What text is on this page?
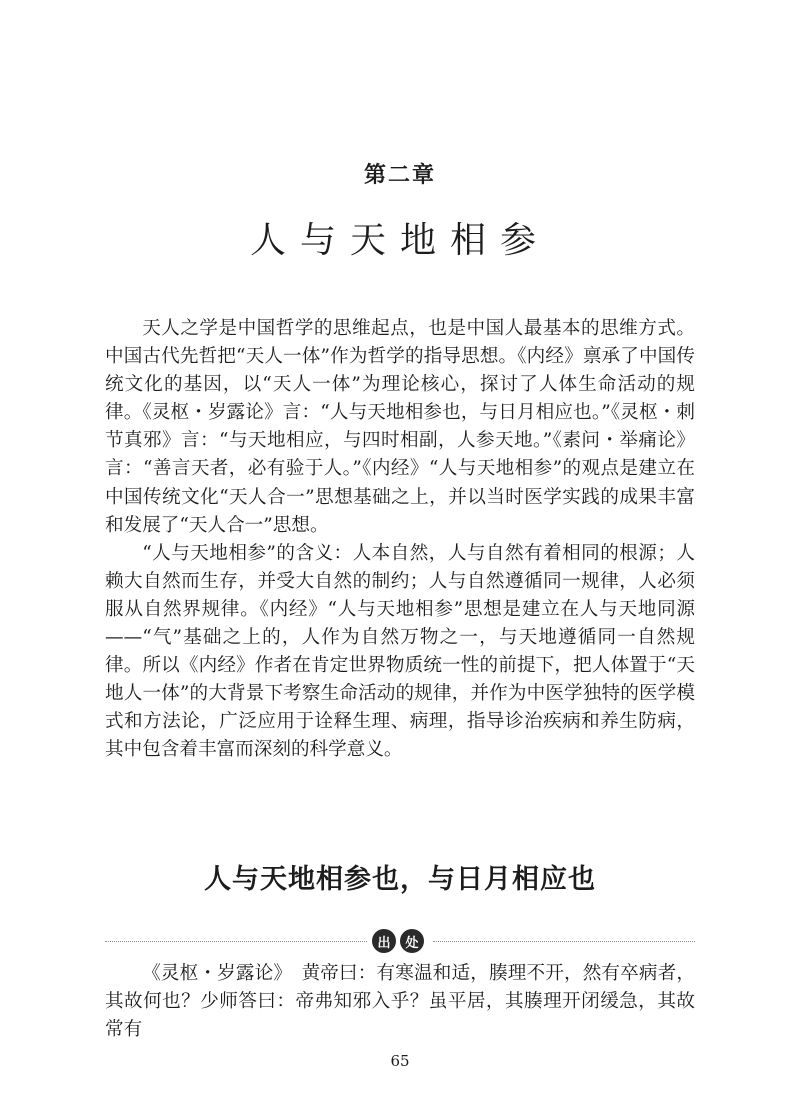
第二章
人与天地相参

天人之学是中国哲学的思维起点，也是中国人最基本的思维方式。中国古代先哲把“天人一体”作为哲学的指导思想。《内经》禀承了中国传统文化的基因，以“天人一体”为理论核心，探讨了人体生命活动的规律。《灵枢・岁露论》言：“人与天地相参也，与日月相应也。”《灵枢・刺节真邪》言：“与天地相应，与四时相副，人参天地。”《素问・举痛论》言：“善言天者，必有验于人。”《内经》“人与天地相参”的观点是建立在中国传统文化“天人合一”思想基础之上，并以当时医学实践的成果丰富和发展了“天人合一”思想。

“人与天地相参”的含义：人本自然，人与自然有着相同的根源；人赖大自然而生存，并受大自然的制约；人与自然遵循同一规律，人必须服从自然界规律。《内经》“人与天地相参”思想是建立在人与天地同源——“气”基础之上的，人作为自然万物之一，与天地遵循同一自然规律。所以《内经》作者在肯定世界物质统一性的前提下，把人体置于“天地人一体”的大背景下考察生命活动的规律，并作为中医学独特的医学模式和方法论，广泛应用于诠释生理、病理，指导诊治疾病和养生防病，其中包含着丰富而深刻的科学意义。

人与天地相参也，与日月相应也
出	处

《灵枢・岁露论》　黄帝曰：有寒温和适，腠理不开，然有卒病者，其故何也？少师答曰：帝弗知邪入乎？虽平居，其腠理开闭缓急，其故常有

65
